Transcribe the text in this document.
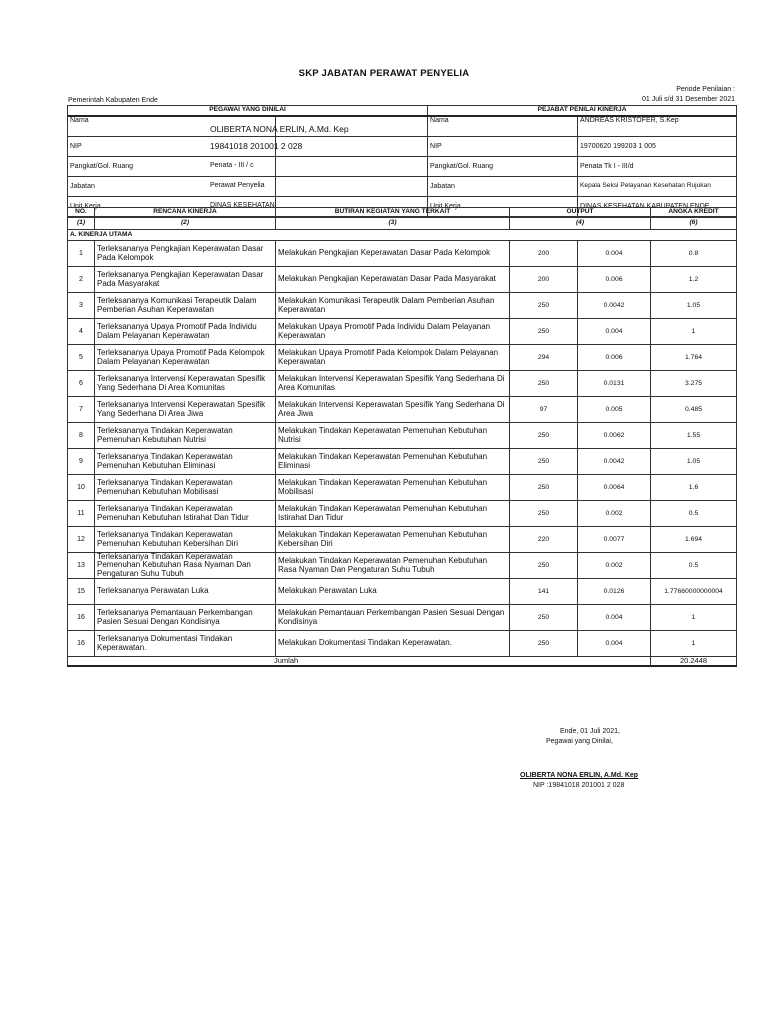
SKP JABATAN PERAWAT PENYELIA
Periode Penilaian :
01 Juli s/d 31 Desember 2021
Pemerintah Kabupaten Ende
PEGAWAI YANG DINILAI		PEJABAT PENILAI KINERJA	
Nama	OLIBERTA NONA ERLIN, A.Md. Kep	Nama	ANDREAS KRISTOFER, S.Kep
NIP	19841018 201001 2 028	NIP	19700620 199203 1 005
Pangkat/Gol. Ruang	Penata - III / c	Pangkat/Gol. Ruang	Penata Tk I - III/d
Jabatan	Perawat Penyelia	Jabatan	Kepala Seksi Pelayanan Kesehatan Rujukan
Unit Kerja	DINAS KESEHATAN	Unit Kerja	DINAS KESEHATAN KABUPATEN ENDE
NO.	RENCANA KINERJA	BUTIRAN KEGIATAN YANG TERKAIT	OUTPUT		ANGKA KREDIT
(1)	(2)	(3)	(4)		(6)
A. KINERJA UTAMA					
1	Terleksananya Pengkajian Keperawatan Dasar Pada Kelompok	Melakukan Pengkajian Keperawatan Dasar Pada Kelompok	200	0.004	0.8
2	Terleksananya Pengkajian Keperawatan Dasar Pada Masyarakat	Melakukan Pengkajian Keperawatan Dasar Pada Masyarakat	200	0.006	1.2
3	Terleksananya Komunikasi Terapeutik Dalam Pemberian Asuhan Keperawatan	Melakukan Komunikasi Terapeutik Dalam Pemberian Asuhan Keperawatan	250	0.0042	1.05
4	Terleksananya Upaya Promotif Pada Individu Dalam Pelayanan Keperawatan	Melakukan Upaya Promotif Pada Individu Dalam Pelayanan Keperawatan	250	0.004	1
5	Terleksananya Upaya Promotif Pada Kelompok Dalam Pelayanan Keperawatan	Melakukan Upaya Promotif Pada Kelompok Dalam Pelayanan Keperawatan	294	0.006	1.764
6	Terleksananya Intervensi Keperawatan Spesifik Yang Sederhana Di Area Komunitas	Melakukan Intervensi Keperawatan Spesifik Yang Sederhana Di Area Komunitas	250	0.0131	3.275
7	Terleksananya Intervensi Keperawatan Spesifik Yang Sederhana Di Area Jiwa	Melakukan Intervensi Keperawatan Spesifik Yang Sederhana Di Area Jiwa	97	0.005	0.485
8	Terleksananya Tindakan Keperawatan Pemenuhan Kebutuhan Nutrisi	Melakukan Tindakan Keperawatan Pemenuhan Kebutuhan Nutrisi	250	0.0062	1.55
9	Terleksananya Tindakan Keperawatan Pemenuhan Kebutuhan Eliminasi	Melakukan Tindakan Keperawatan Pemenuhan Kebutuhan Eliminasi	250	0.0042	1.05
10	Terleksananya Tindakan Keperawatan Pemenuhan Kebutuhan Mobilisasi	Melakukan Tindakan Keperawatan Pemenuhan Kebutuhan Mobilisasi	250	0.0064	1.6
11	Terleksananya Tindakan Keperawatan Pemenuhan Kebutuhan Istirahat Dan Tidur	Melakukan Tindakan Keperawatan Pemenuhan Kebutuhan Istirahat Dan Tidur	250	0.002	0.5
12	Terleksananya Tindakan Keperawatan Pemenuhan Kebutuhan Kebersihan Diri	Melakukan Tindakan Keperawatan Pemenuhan Kebutuhan Kebersihan Diri	220	0.0077	1.694
13	Terleksananya Tindakan Keperawatan Pemenuhan Kebutuhan Rasa Nyaman Dan Pengaturan Suhu Tubuh	Melakukan Tindakan Keperawatan Pemenuhan Kebutuhan Rasa Nyaman Dan Pengaturan Suhu Tubuh	250	0.002	0.5
15	Terleksananya Perawatan Luka	Melakukan Perawatan Luka	141	0.0126	1.77660000000004
16	Terleksananya Pemantauan Perkembangan Pasien Sesuai Dengan Kondisinya	Melakukan Pemantauan Perkembangan Pasien Sesuai Dengan Kondisinya	250	0.004	1
16	Terleksananya Dokumentasi Tindakan Keperawatan.	Melakukan Dokumentasi Tindakan Keperawatan.	250	0.004	1
Jumlah					20.2448
Ende, 01 Juli 2021,
Pegawai yang Dinilai,
OLIBERTA NONA ERLIN, A.Md. Kep
NIP :19841018 201001 2 028
